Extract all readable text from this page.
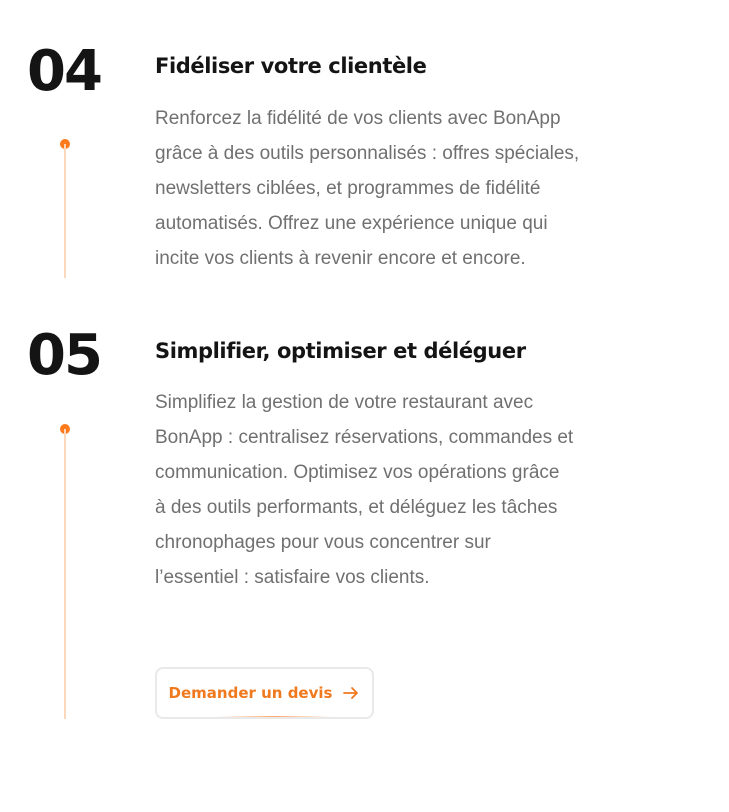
04	Fidéliser votre clientèle

Renforcez la fidélité de vos clients avec BonApp
grâce à des outils personnalisés : offres spéciales,
newsletters ciblées, et programmes de fidélité
automatisés. Offrez une expérience unique qui
incite vos clients à revenir encore et encore.

05	Simplifier, optimiser et déléguer

Simplifiez la gestion de votre restaurant avec
BonApp : centralisez réservations, commandes et
communication. Optimisez vos opérations grâce
à des outils performants, et déléguez les tâches
chronophages pour vous concentrer sur
l’essentiel : satisfaire vos clients.

Demander un devis
